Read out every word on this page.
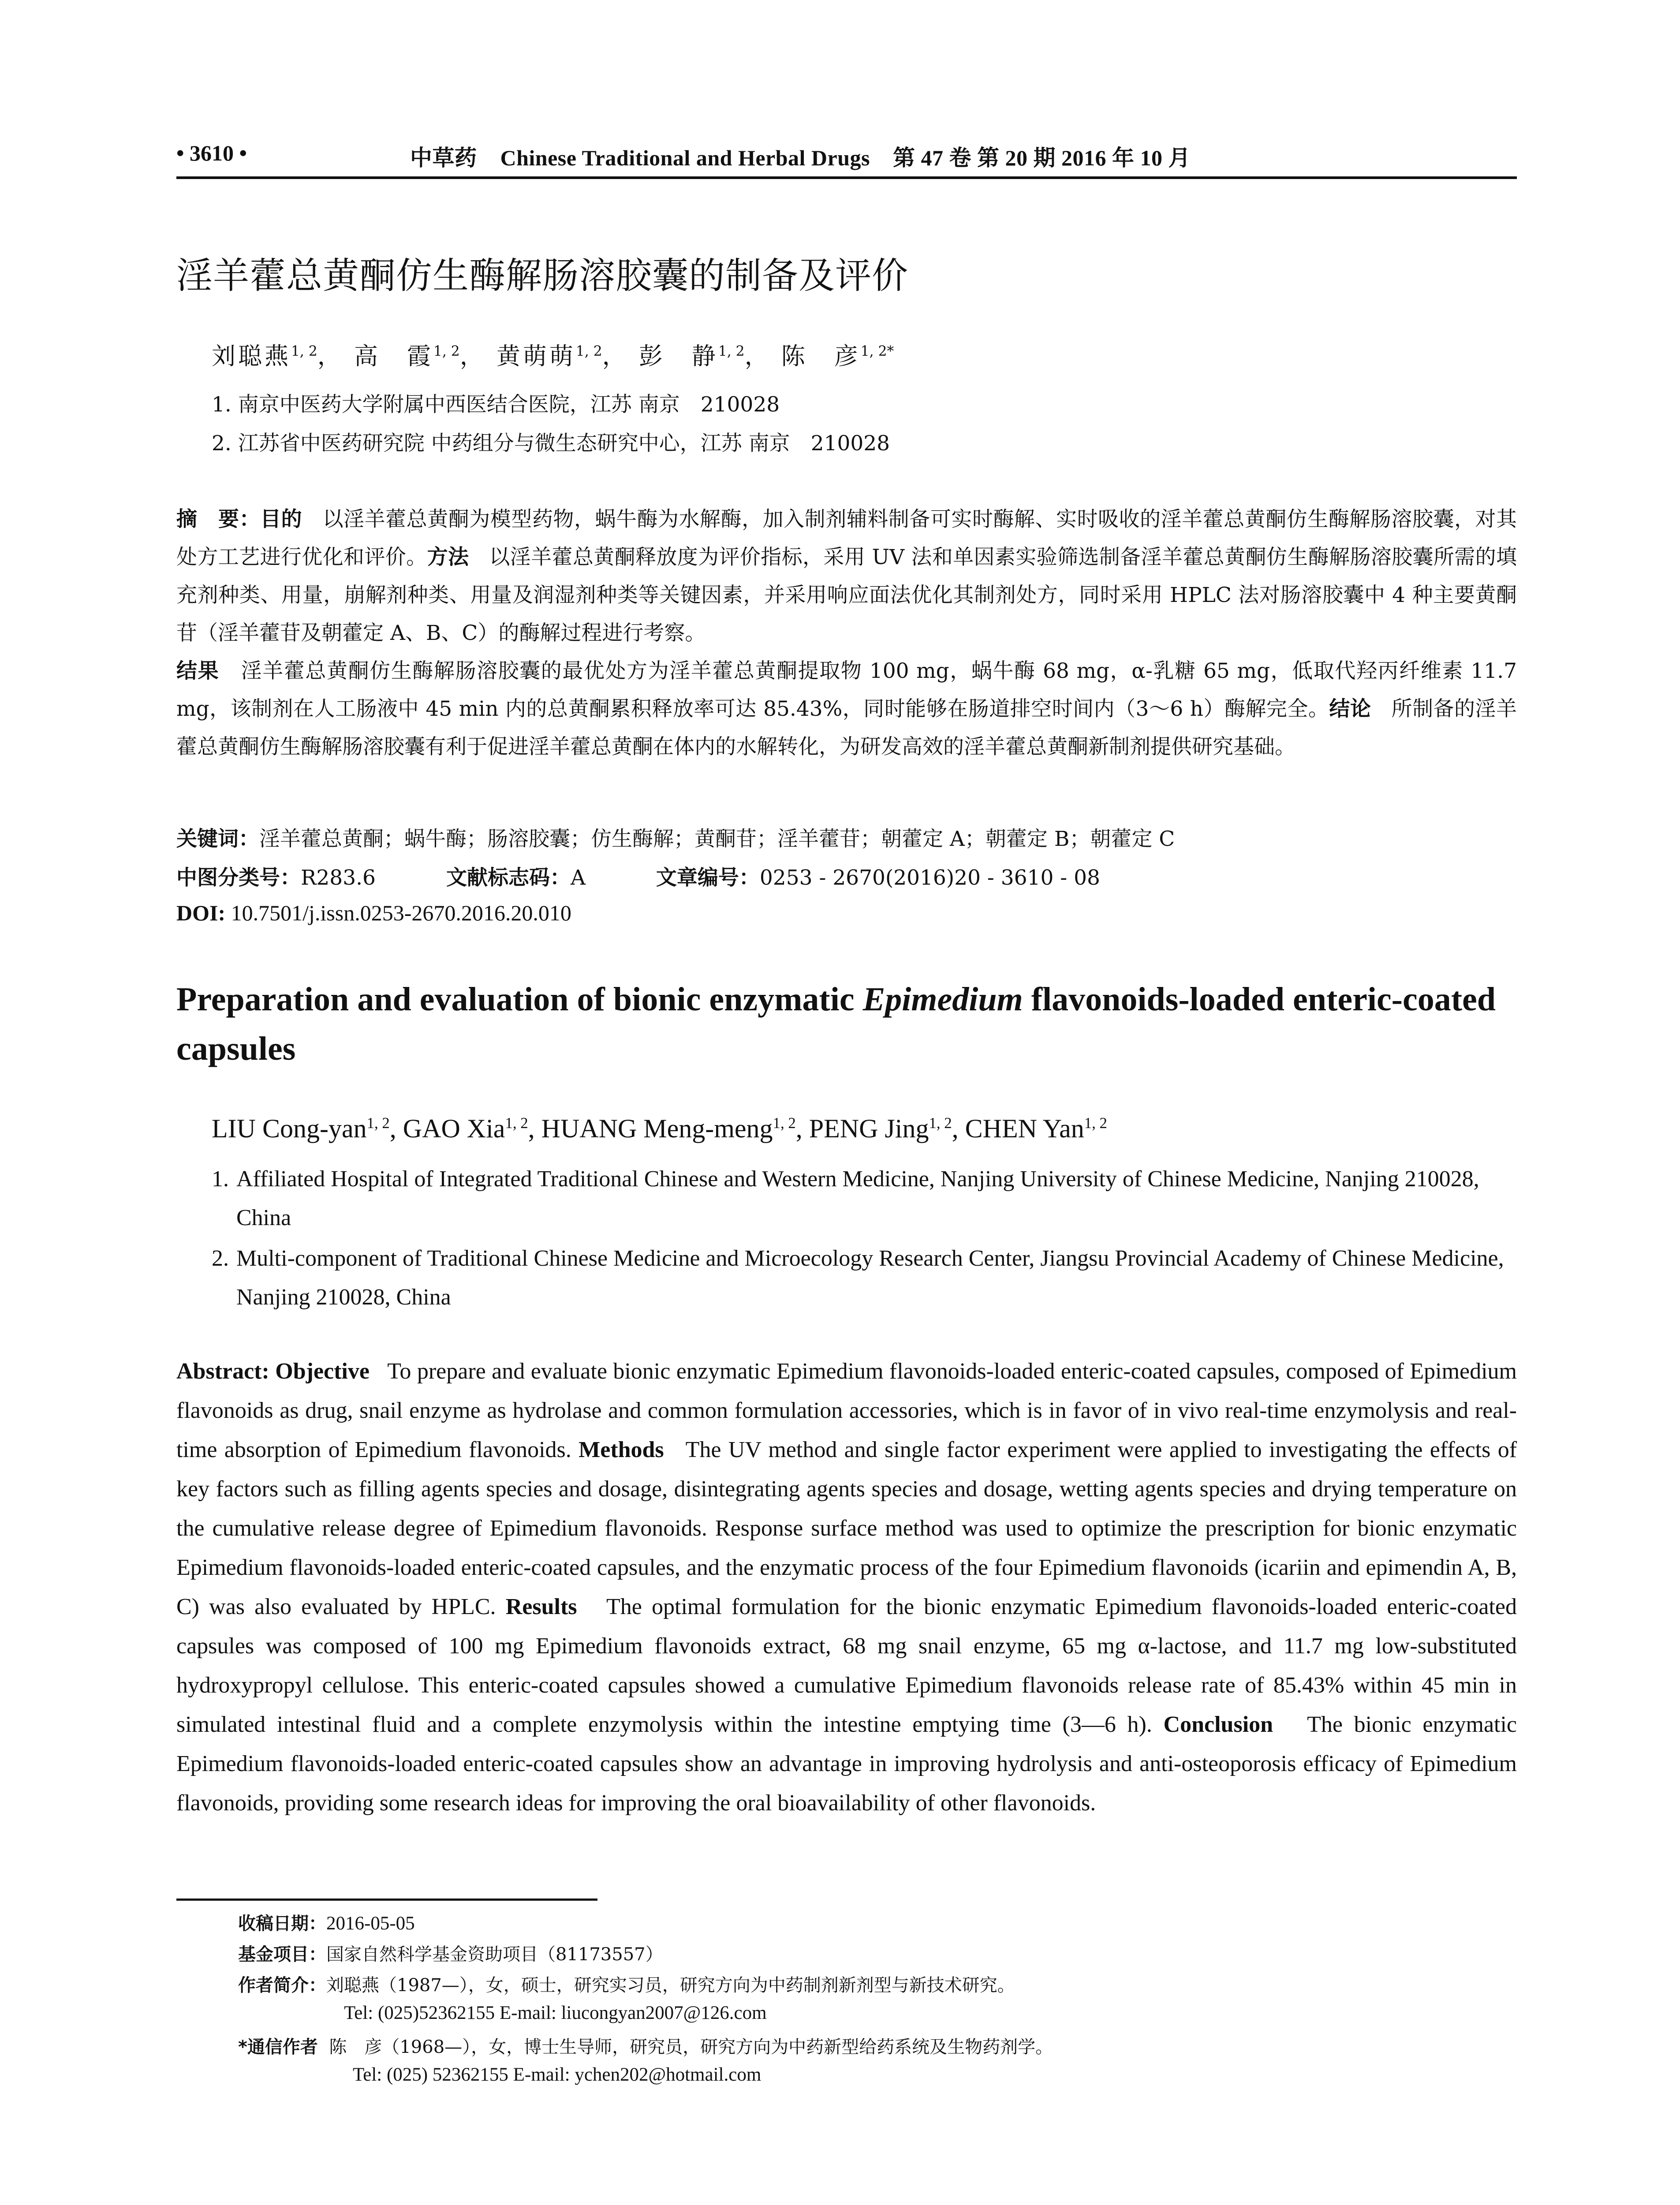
• 3610 •	中草药 Chinese Traditional and Herbal Drugs 第 47 卷 第 20 期 2016 年 10 月
淫羊藿总黄酮仿生酶解肠溶胶囊的制备及评价
刘聪燕$^{1, 2}$， 高　霞$^{1, 2}$， 黄萌萌$^{1, 2}$， 彭　静$^{1, 2}$， 陈　彦$^{1, 2*}$
1. 南京中医药大学附属中西医结合医院，江苏 南京　210028
2. 江苏省中医药研究院 中药组分与微生态研究中心，江苏 南京　210028
摘　要：目的 以淫羊藿总黄酮为模型药物，蜗牛酶为水解酶，加入制剂辅料制备可实时酶解、实时吸收的淫羊藿总黄酮仿生酶解肠溶胶囊，对其处方工艺进行优化和评价。方法 以淫羊藿总黄酮释放度为评价指标，采用 UV 法和单因素实验筛选制备淫羊藿总黄酮仿生酶解肠溶胶囊所需的填充剂种类、用量，崩解剂种类、用量及润湿剂种类等关键因素，并采用响应面法优化其制剂处方，同时采用 HPLC 法对肠溶胶囊中 4 种主要黄酮苷（淫羊藿苷及朝藿定 A、B、C）的酶解过程进行考察。
结果 淫羊藿总黄酮仿生酶解肠溶胶囊的最优处方为淫羊藿总黄酮提取物 100 mg，蜗牛酶 68 mg，α-乳糖 65 mg，低取代羟丙纤维素 11.7 mg，该制剂在人工肠液中 45 min 内的总黄酮累积释放率可达 85.43%，同时能够在肠道排空时间内（3～6 h）酶解完全。结论 所制备的淫羊藿总黄酮仿生酶解肠溶胶囊有利于促进淫羊藿总黄酮在体内的水解转化，为研发高效的淫羊藿总黄酮新制剂提供研究基础。
关键词：淫羊藿总黄酮；蜗牛酶；肠溶胶囊；仿生酶解；黄酮苷；淫羊藿苷；朝藿定 A；朝藿定 B；朝藿定 C
中图分类号：R283.6	文献标志码：A	文章编号：0253 - 2670(2016)20 - 3610 - 08
DOI: 10.7501/j.issn.0253-2670.2016.20.010
Preparation and evaluation of bionic enzymatic Epimedium flavonoids-loaded enteric-coated capsules
LIU Cong-yan$^{1, 2}$, GAO Xia$^{1, 2}$, HUANG Meng-meng$^{1, 2}$, PENG Jing$^{1, 2}$, CHEN Yan$^{1, 2}$
1. Affiliated Hospital of Integrated Traditional Chinese and Western Medicine, Nanjing University of Chinese Medicine, Nanjing 210028, China
2. Multi-component of Traditional Chinese Medicine and Microecology Research Center, Jiangsu Provincial Academy of Chinese Medicine, Nanjing 210028, China
Abstract: Objective To prepare and evaluate bionic enzymatic Epimedium flavonoids-loaded enteric-coated capsules, composed of Epimedium flavonoids as drug, snail enzyme as hydrolase and common formulation accessories, which is in favor of in vivo real-time enzymolysis and real-time absorption of Epimedium flavonoids. Methods The UV method and single factor experiment were applied to investigating the effects of key factors such as filling agents species and dosage, disintegrating agents species and dosage, wetting agents species and drying temperature on the cumulative release degree of Epimedium flavonoids. Response surface method was used to optimize the prescription for bionic enzymatic Epimedium flavonoids-loaded enteric-coated capsules, and the enzymatic process of the four Epimedium flavonoids (icariin and epimendin A, B, C) was also evaluated by HPLC. Results The optimal formulation for the bionic enzymatic Epimedium flavonoids-loaded enteric-coated capsules was composed of 100 mg Epimedium flavonoids extract, 68 mg snail enzyme, 65 mg α-lactose, and 11.7 mg low-substituted hydroxypropyl cellulose. This enteric-coated capsules showed a cumulative Epimedium flavonoids release rate of 85.43% within 45 min in simulated intestinal fluid and a complete enzymolysis within the intestine emptying time (3—6 h). Conclusion The bionic enzymatic Epimedium flavonoids-loaded enteric-coated capsules show an advantage in improving hydrolysis and anti-osteoporosis efficacy of Epimedium flavonoids, providing some research ideas for improving the oral bioavailability of other flavonoids.
收稿日期：2016-05-05
基金项目：国家自然科学基金资助项目（81173557）
作者简介：刘聪燕（1987—），女，硕士，研究实习员，研究方向为中药制剂新剂型与新技术研究。
Tel: (025)52362155 E-mail: liucongyan2007@126.com
*通信作者 陈　彦（1968—），女，博士生导师，研究员，研究方向为中药新型给药系统及生物药剂学。
Tel: (025) 52362155 E-mail: ychen202@hotmail.com
